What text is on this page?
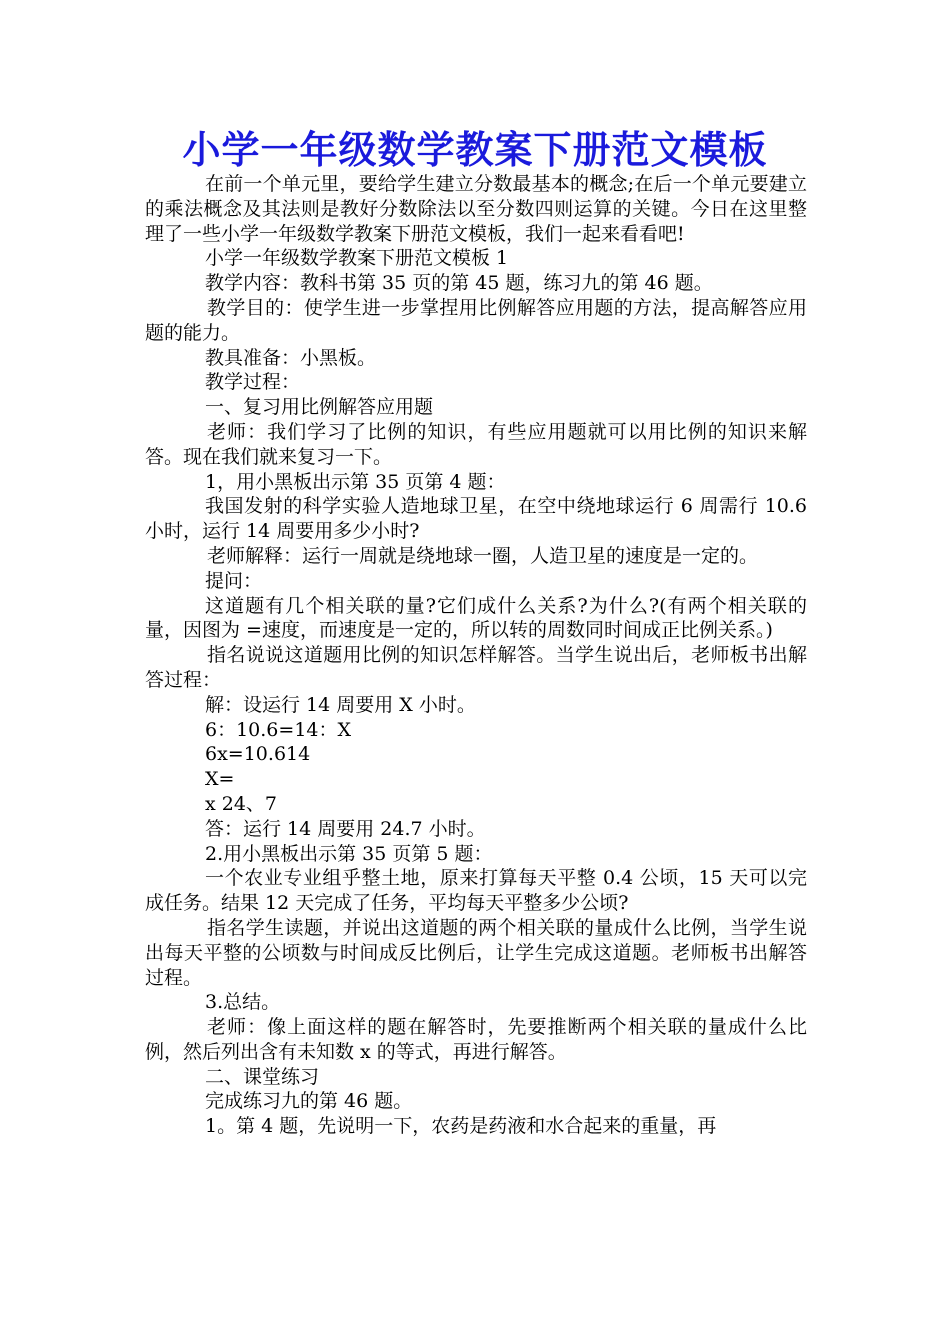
小学一年级数学教案下册范文模板

在前一个单元里，要给学生建立分数最基本的概念;在后一个单元要建立的乘法概念及其法则是教好分数除法以至分数四则运算的关键。今日在这里整理了一些小学一年级数学教案下册范文模板，我们一起来看看吧!

小学一年级数学教案下册范文模板 1

教学内容：教科书第 35 页的第 45 题，练习九的第 46 题。

教学目的：使学生进一步掌捏用比例解答应用题的方法，提高解答应用题的能力。

教具准备：小黑板。

教学过程：

一、复习用比例解答应用题

老师：我们学习了比例的知识，有些应用题就可以用比例的知识来解答。现在我们就来复习一下。

1，用小黑板出示第 35 页第 4 题：

我国发射的科学实验人造地球卫星，在空中绕地球运行 6 周需行 10.6 小时，运行 14 周要用多少小时?

老师解释：运行一周就是绕地球一圈，人造卫星的速度是一定的。

提问：

这道题有几个相关联的量?它们成什么关系?为什么?(有两个相关联的量，因图为 =速度，而速度是一定的，所以转的周数同时间成正比例关系。)

指名说说这道题用比例的知识怎样解答。当学生说出后，老师板书出解答过程：

解：设运行 14 周要用 X 小时。

6：10.6=14：X

6x=10.614

X=

x 24、7

答：运行 14 周要用 24.7 小时。

2.用小黑板出示第 35 页第 5 题：

一个农业专业组乎整土地，原来打算每天平整 0.4 公顷，15 天可以完成任务。结果 12 天完成了任务，平均每天平整多少公顷?

指名学生读题，并说出这道题的两个相关联的量成什么比例，当学生说出每天平整的公顷数与时间成反比例后，让学生完成这道题。老师板书出解答过程。

3.总结。

老师：像上面这样的题在解答时，先要推断两个相关联的量成什么比例，然后列出含有未知数 x 的等式，再进行解答。

二、课堂练习

完成练习九的第 46 题。

1。第 4 题，先说明一下，农药是药液和水合起来的重量，再
